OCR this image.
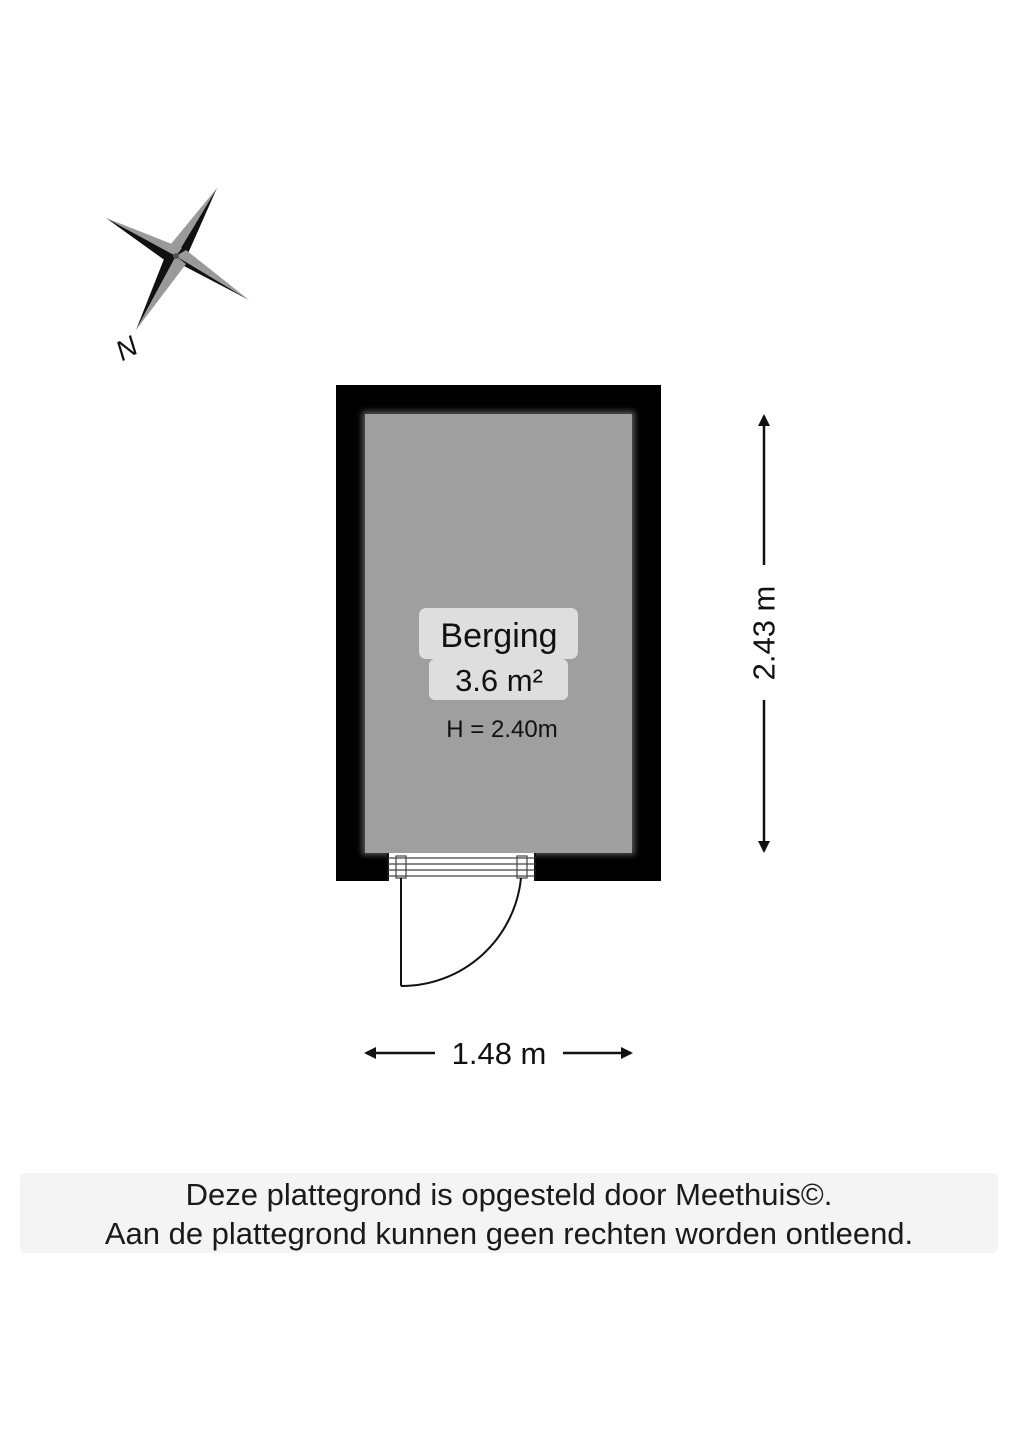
N
Berging
3.6 m²
H = 2.40m
2.43 m
1.48 m
Deze plattegrond is opgesteld door Meethuis©.
Aan de plattegrond kunnen geen rechten worden ontleend.
